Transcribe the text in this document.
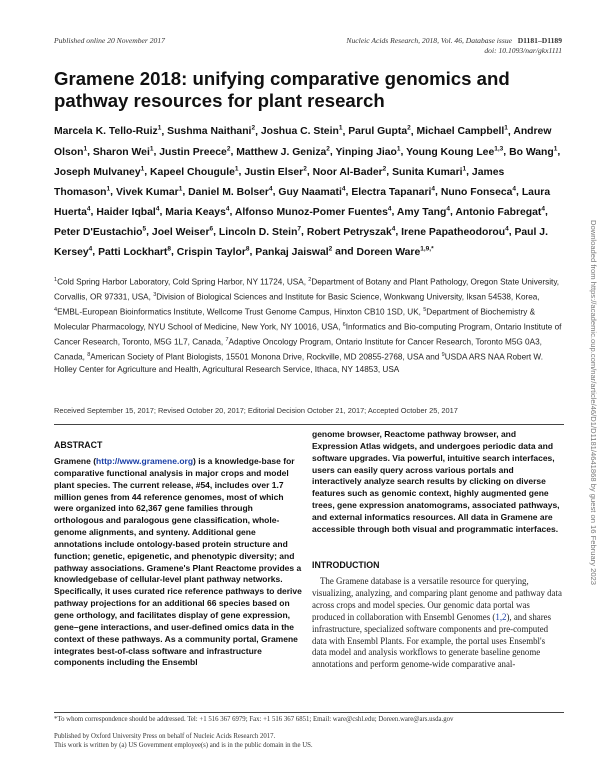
Published online 20 November 2017	Nucleic Acids Research, 2018, Vol. 46, Database issue D1181–D1189
doi: 10.1093/nar/gkx1111
Gramene 2018: unifying comparative genomics and pathway resources for plant research
Marcela K. Tello-Ruiz$^1$, Sushma Naithani$^2$, Joshua C. Stein$^1$, Parul Gupta$^2$, Michael Campbell$^1$, Andrew Olson$^1$, Sharon Wei$^1$, Justin Preece$^2$, Matthew J. Geniza$^2$, Yinping Jiao$^1$, Young Koung Lee$^{1,3}$, Bo Wang$^1$, Joseph Mulvaney$^1$, Kapeel Chougule$^1$, Justin Elser$^2$, Noor Al-Bader$^2$, Sunita Kumari$^1$, James Thomason$^1$, Vivek Kumar$^1$, Daniel M. Bolser$^4$, Guy Naamati$^4$, Electra Tapanari$^4$, Nuno Fonseca$^4$, Laura Huerta$^4$, Haider Iqbal$^4$, Maria Keays$^4$, Alfonso Munoz-Pomer Fuentes$^4$, Amy Tang$^4$, Antonio Fabregat$^4$, Peter D'Eustachio$^5$, Joel Weiser$^6$, Lincoln D. Stein$^7$, Robert Petryszak$^4$, Irene Papatheodorou$^4$, Paul J. Kersey$^4$, Patti Lockhart$^8$, Crispin Taylor$^8$, Pankaj Jaiswal$^2$ and Doreen Ware$^{1,9,*}$
$^1$Cold Spring Harbor Laboratory, Cold Spring Harbor, NY 11724, USA, $^2$Department of Botany and Plant Pathology, Oregon State University, Corvallis, OR 97331, USA, $^3$Division of Biological Sciences and Institute for Basic Science, Wonkwang University, Iksan 54538, Korea, $^4$EMBL-European Bioinformatics Institute, Wellcome Trust Genome Campus, Hinxton CB10 1SD, UK, $^5$Department of Biochemistry & Molecular Pharmacology, NYU School of Medicine, New York, NY 10016, USA, $^6$Informatics and Bio-computing Program, Ontario Institute of Cancer Research, Toronto, M5G 1L7, Canada, $^7$Adaptive Oncology Program, Ontario Institute for Cancer Research, Toronto M5G 0A3, Canada, $^8$American Society of Plant Biologists, 15501 Monona Drive, Rockville, MD 20855-2768, USA and $^9$USDA ARS NAA Robert W. Holley Center for Agriculture and Health, Agricultural Research Service, Ithaca, NY 14853, USA
Received September 15, 2017; Revised October 20, 2017; Editorial Decision October 21, 2017; Accepted October 25, 2017
ABSTRACT
Gramene (http://www.gramene.org) is a knowledge-base for comparative functional analysis in major crops and model plant species. The current release, #54, includes over 1.7 million genes from 44 reference genomes, most of which were organized into 62,367 gene families through orthologous and paralogous gene classification, whole-genome alignments, and synteny. Additional gene annotations include ontology-based protein structure and function; genetic, epigenetic, and phenotypic diversity; and pathway associations. Gramene's Plant Reactome provides a knowledgebase of cellular-level plant pathway networks. Specifically, it uses curated rice reference pathways to derive pathway projections for an additional 66 species based on gene orthology, and facilitates display of gene expression, gene–gene interactions, and user-defined omics data in the context of these pathways. As a community portal, Gramene integrates best-of-class software and infrastructure components including the Ensembl
genome browser, Reactome pathway browser, and Expression Atlas widgets, and undergoes periodic data and software upgrades. Via powerful, intuitive search interfaces, users can easily query across various portals and interactively analyze search results by clicking on diverse features such as genomic context, highly augmented gene trees, gene expression anatomograms, associated pathways, and external informatics resources. All data in Gramene are accessible through both visual and programmatic interfaces.
INTRODUCTION
The Gramene database is a versatile resource for querying, visualizing, analyzing, and comparing plant genome and pathway data across crops and model species. Our genomic data portal was produced in collaboration with Ensembl Genomes (1,2), and shares infrastructure, specialized software components and pre-computed data with Ensembl Plants. For example, the portal uses Ensembl's data model and analysis workflows to generate baseline genome annotations and perform genome-wide comparative anal-
*To whom correspondence should be addressed. Tel: +1 516 367 6979; Fax: +1 516 367 6851; Email: ware@cshl.edu; Doreen.ware@ars.usda.gov
Published by Oxford University Press on behalf of Nucleic Acids Research 2017.
This work is written by (a) US Government employee(s) and is in the public domain in the US.
Downloaded from https://academic.oup.com/nar/article/46/D1/D1181/4641868 by guest on 16 February 2023
